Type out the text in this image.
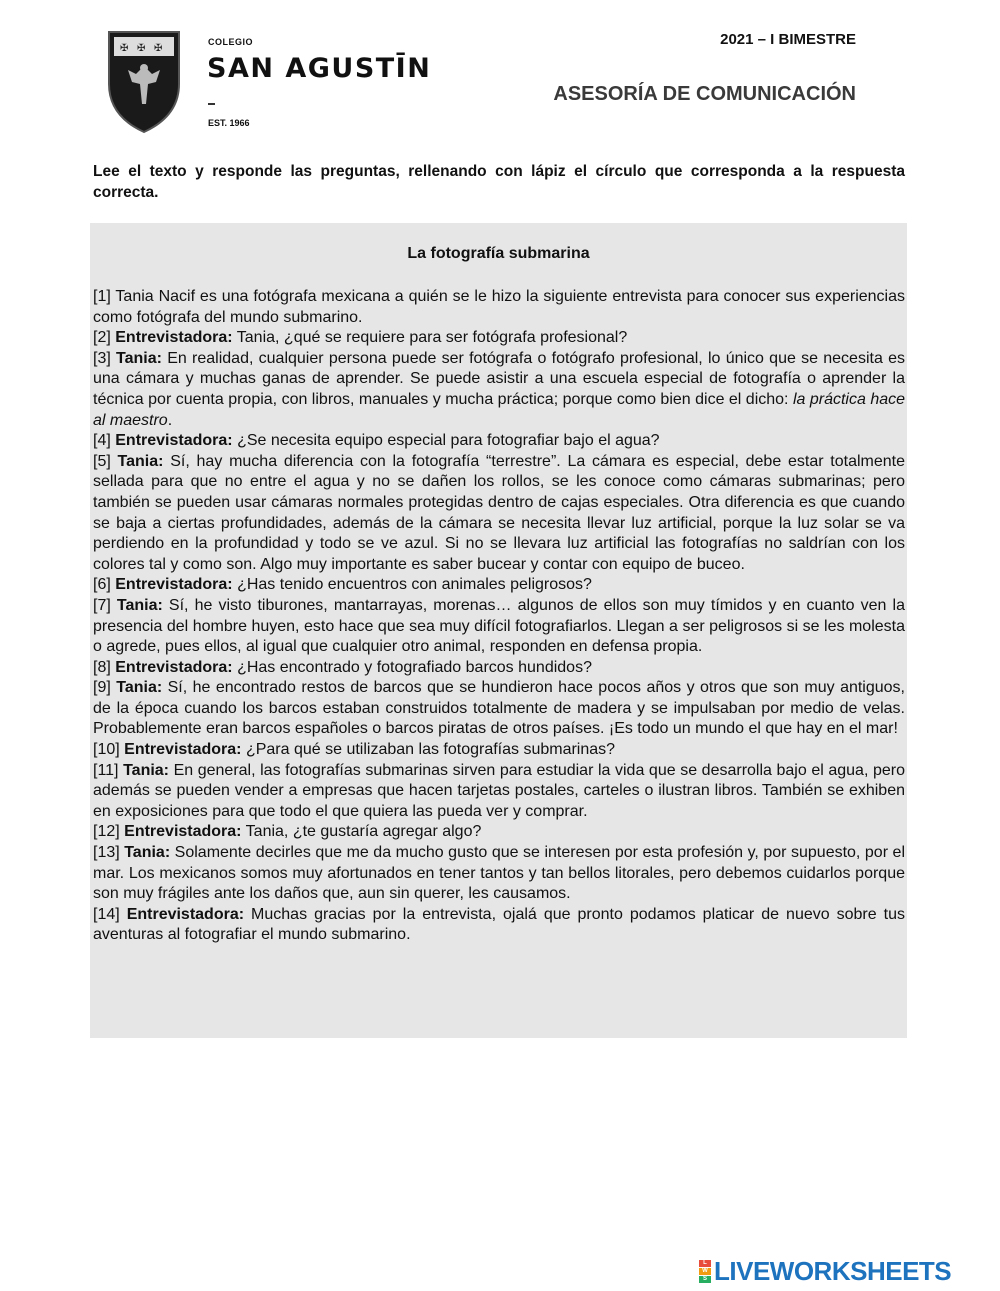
✠ ✠ ✠
COLEGIO
SAN AGUSTĪN
EST. 1966
2021 – I BIMESTRE
ASESORÍA DE COMUNICACIÓN
Lee el texto y responde las preguntas, rellenando con lápiz el círculo que corresponda a la respuesta correcta.
La fotografía submarina

[1] Tania Nacif es una fotógrafa mexicana a quién se le hizo la siguiente entrevista para conocer sus experiencias como fotógrafa del mundo submarino.

[2] Entrevistadora: Tania, ¿qué se requiere para ser fotógrafa profesional?

[3] Tania: En realidad, cualquier persona puede ser fotógrafa o fotógrafo profesional, lo único que se necesita es una cámara y muchas ganas de aprender. Se puede asistir a una escuela especial de fotografía o aprender la técnica por cuenta propia, con libros, manuales y mucha práctica; porque como bien dice el dicho: la práctica hace al maestro.

[4] Entrevistadora: ¿Se necesita equipo especial para fotografiar bajo el agua?

[5] Tania: Sí, hay mucha diferencia con la fotografía “terrestre”. La cámara es especial, debe estar totalmente sellada para que no entre el agua y no se dañen los rollos, se les conoce como cámaras submarinas; pero también se pueden usar cámaras normales protegidas dentro de cajas especiales. Otra diferencia es que cuando se baja a ciertas profundidades, además de la cámara se necesita llevar luz artificial, porque la luz solar se va perdiendo en la profundidad y todo se ve azul. Si no se llevara luz artificial las fotografías no saldrían con los colores tal y como son. Algo muy importante es saber bucear y contar con equipo de buceo.

[6] Entrevistadora: ¿Has tenido encuentros con animales peligrosos?

[7] Tania: Sí, he visto tiburones, mantarrayas, morenas… algunos de ellos son muy tímidos y en cuanto ven la presencia del hombre huyen, esto hace que sea muy difícil fotografiarlos. Llegan a ser peligrosos si se les molesta o agrede, pues ellos, al igual que cualquier otro animal, responden en defensa propia.

[8] Entrevistadora: ¿Has encontrado y fotografiado barcos hundidos?

[9] Tania: Sí, he encontrado restos de barcos que se hundieron hace pocos años y otros que son muy antiguos, de la época cuando los barcos estaban construidos totalmente de madera y se impulsaban por medio de velas. Probablemente eran barcos españoles o barcos piratas de otros países. ¡Es todo un mundo el que hay en el mar!

[10] Entrevistadora: ¿Para qué se utilizaban las fotografías submarinas?

[11] Tania: En general, las fotografías submarinas sirven para estudiar la vida que se desarrolla bajo el agua, pero además se pueden vender a empresas que hacen tarjetas postales, carteles o ilustran libros. También se exhiben en exposiciones para que todo el que quiera las pueda ver y comprar.

[12] Entrevistadora: Tania, ¿te gustaría agregar algo?

[13] Tania: Solamente decirles que me da mucho gusto que se interesen por esta profesión y, por supuesto, por el mar. Los mexicanos somos muy afortunados en tener tantos y tan bellos litorales, pero debemos cuidarlos porque son muy frágiles ante los daños que, aun sin querer, les causamos.

[14] Entrevistadora: Muchas gracias por la entrevista, ojalá que pronto podamos platicar de nuevo sobre tus aventuras al fotografiar el mundo submarino.

L
W
S LIVEWORKSHEETS
